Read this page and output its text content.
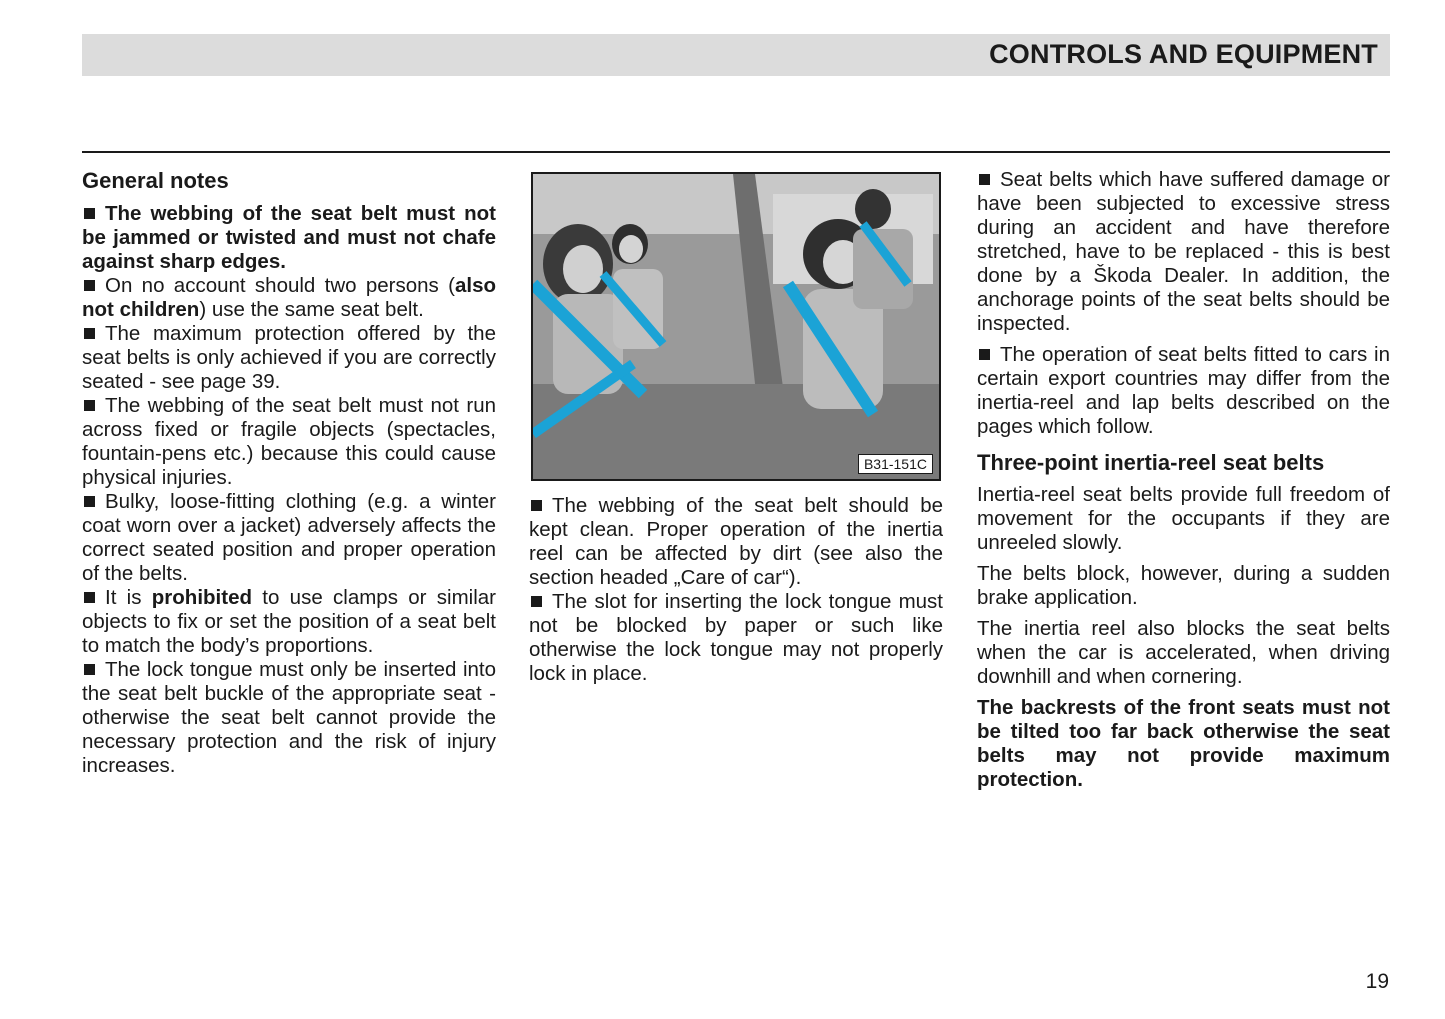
CONTROLS AND EQUIPMENT
General notes

The webbing of the seat belt must not be jammed or twisted and must not chafe against sharp edges.

On no account should two persons (also not children) use the same seat belt.

The maximum protection offered by the seat belts is only achieved if you are correctly seated - see page 39.

The webbing of the seat belt must not run across fixed or fragile objects (spectacles, fountain-pens etc.) because this could cause physical injuries.

Bulky, loose-fitting clothing (e.g. a winter coat worn over a jacket) adversely affects the correct seated position and proper operation of the belts.

It is prohibited to use clamps or similar objects to fix or set the position of a seat belt to match the body’s proportions.

The lock tongue must only be inserted into the seat belt buckle of the appropriate seat - otherwise the seat belt cannot provide the necessary protection and the risk of injury increases.

B31-151C

The webbing of the seat belt should be kept clean. Proper operation of the inertia reel can be affected by dirt (see also the section headed „Care of car“).

The slot for inserting the lock tongue must not be blocked by paper or such like otherwise the lock tongue may not properly lock in place.

Seat belts which have suffered damage or have been subjected to excessive stress during an accident and have therefore stretched, have to be replaced - this is best done by a Škoda Dealer. In addition, the anchorage points of the seat belts should be inspected.

The operation of seat belts fitted to cars in certain export countries may differ from the inertia-reel and lap belts described on the pages which follow.

Three-point inertia-reel seat belts

Inertia-reel seat belts provide full freedom of movement for the occupants if they are unreeled slowly.

The belts block, however, during a sudden brake application.

The inertia reel also blocks the seat belts when the car is accelerated, when driving downhill and when cornering.

The backrests of the front seats must not be tilted too far back otherwise the seat belts may not provide maximum protection.

19
